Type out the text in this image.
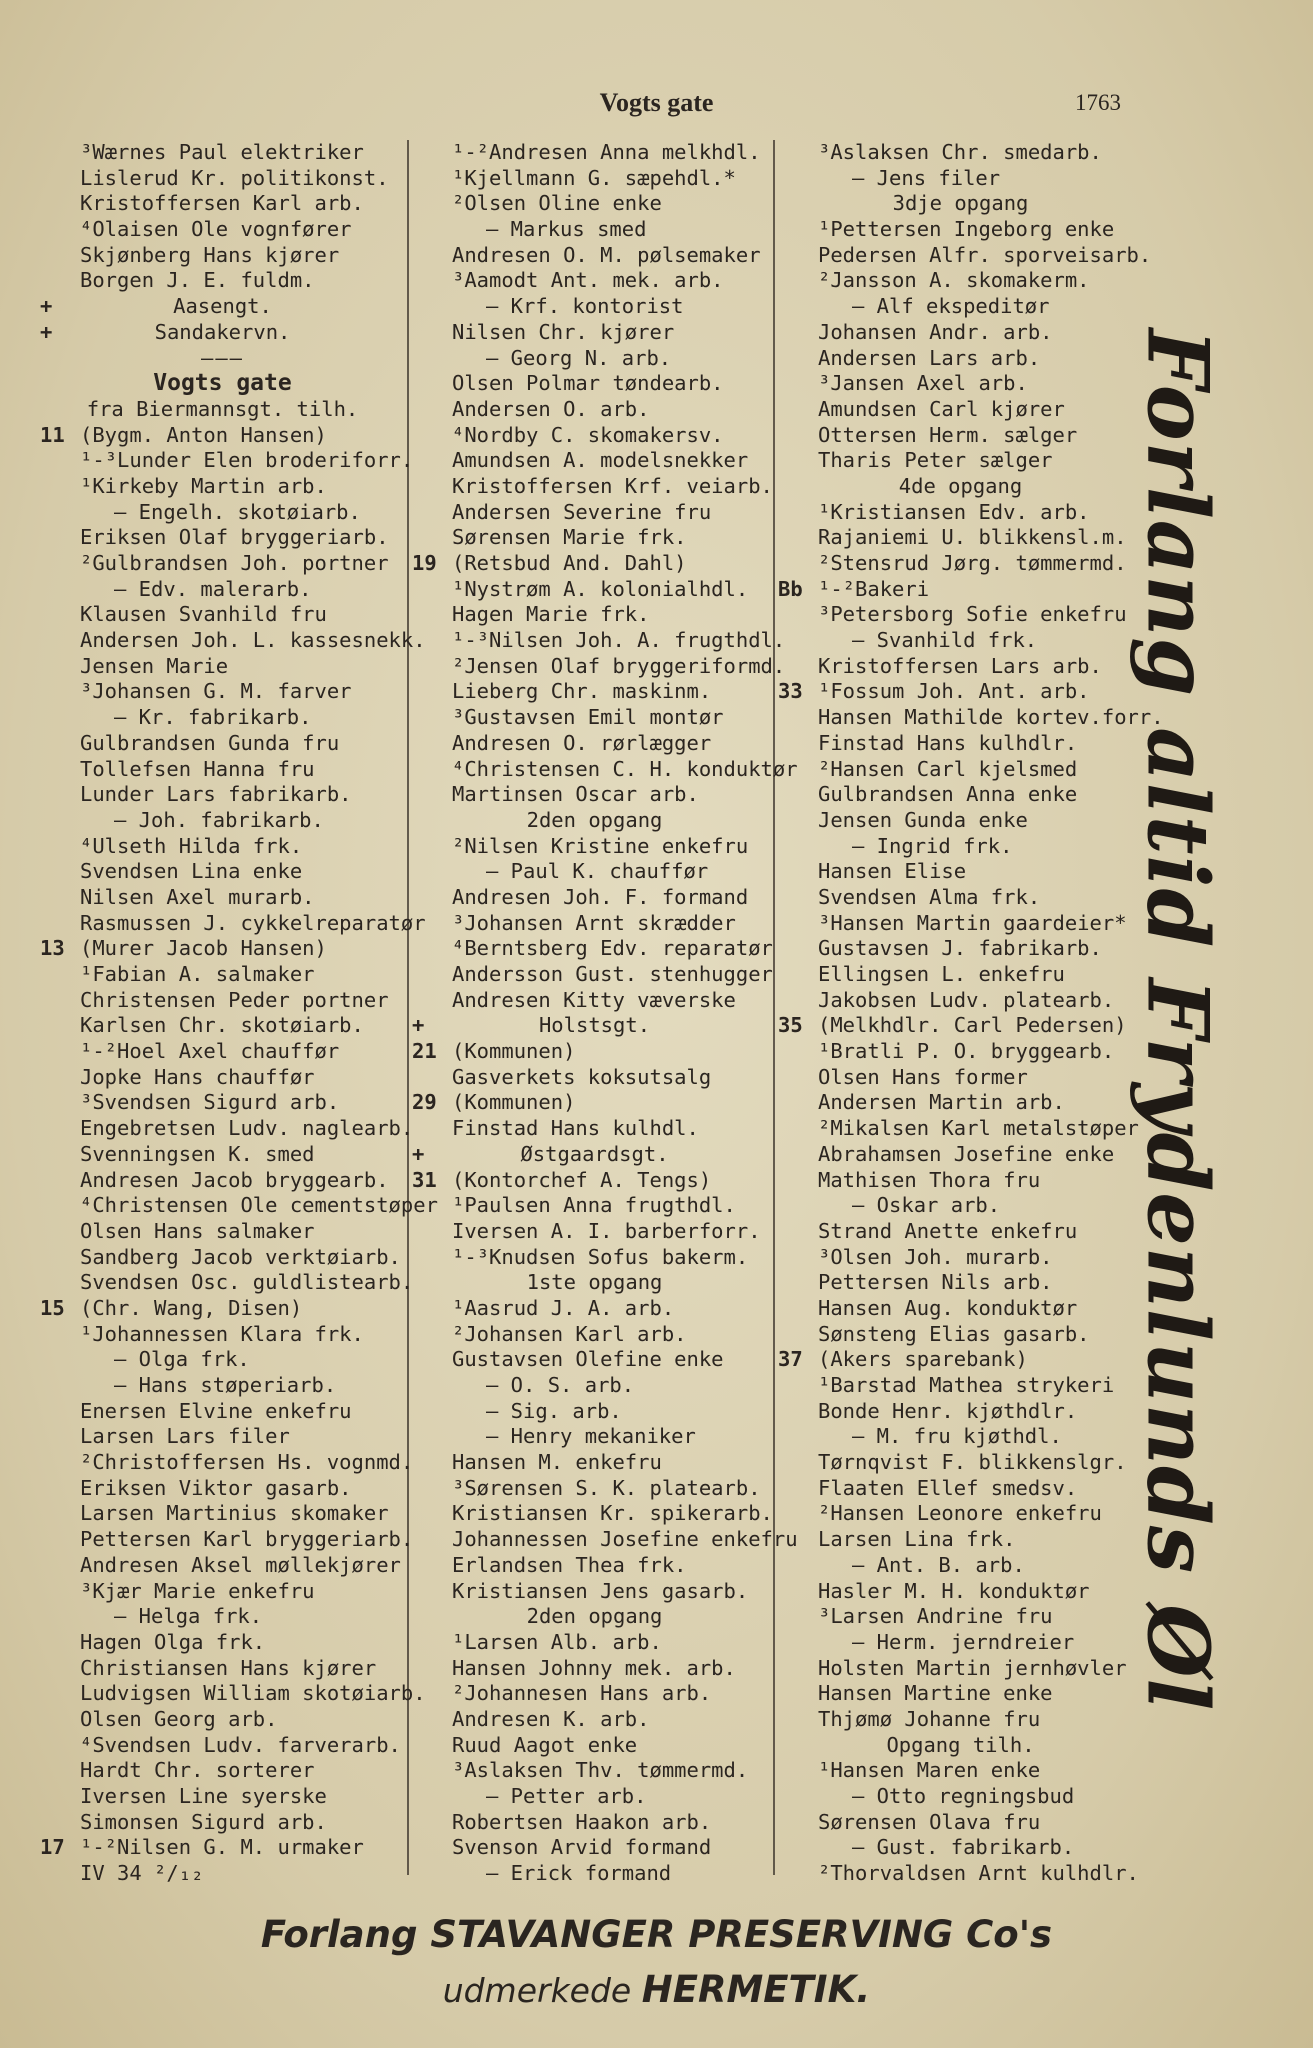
Vogts gate	1763
³Wærnes Paul elektriker
Lislerud Kr. politikonst.
Kristoffersen Karl arb.
⁴Olaisen Ole vognfører
Skjønberg Hans kjører
Borgen J. E. fuldm.
+	Aasengt.
+	Sandakervn.
———
Vogts gate
fra Biermannsgt. tilh.
11 (Bygm. Anton Hansen)
¹-³Lunder Elen broderiforr.
¹Kirkeby Martin arb.
— Engelh. skotøiarb.
Eriksen Olaf bryggeriarb.
²Gulbrandsen Joh. portner
— Edv. malerarb.
Klausen Svanhild fru
Andersen Joh. L. kassesnekk.
Jensen Marie
³Johansen G. M. farver
— Kr. fabrikarb.
Gulbrandsen Gunda fru
Tollefsen Hanna fru
Lunder Lars fabrikarb.
— Joh. fabrikarb.
⁴Ulseth Hilda frk.
Svendsen Lina enke
Nilsen Axel murarb.
Rasmussen J. cykkelreparatør
13 (Murer Jacob Hansen)
¹Fabian A. salmaker
Christensen Peder portner
Karlsen Chr. skotøiarb.
¹-²Hoel Axel chauffør
Jopke Hans chauffør
³Svendsen Sigurd arb.
Engebretsen Ludv. naglearb.
Svenningsen K. smed
Andresen Jacob bryggearb.
⁴Christensen Ole cementstøper
Olsen Hans salmaker
Sandberg Jacob verktøiarb.
Svendsen Osc. guldlistearb.
15 (Chr. Wang, Disen)
¹Johannessen Klara frk.
— Olga frk.
— Hans støperiarb.
Enersen Elvine enkefru
Larsen Lars filer
²Christoffersen Hs. vognmd.
Eriksen Viktor gasarb.
Larsen Martinius skomaker
Pettersen Karl bryggeriarb.
Andresen Aksel møllekjører
³Kjær Marie enkefru
— Helga frk.
Hagen Olga frk.
Christiansen Hans kjører
Ludvigsen William skotøiarb.
Olsen Georg arb.
⁴Svendsen Ludv. farverarb.
Hardt Chr. sorterer
Iversen Line syerske
Simonsen Sigurd arb.
17 ¹-²Nilsen G. M. urmaker
IV 34 ²/₁₂
¹-²Andresen Anna melkhdl.
¹Kjellmann G. sæpehdl.*
²Olsen Oline enke
— Markus smed
Andresen O. M. pølsemaker
³Aamodt Ant. mek. arb.
— Krf. kontorist
Nilsen Chr. kjører
— Georg N. arb.
Olsen Polmar tøndearb.
Andersen O. arb.
⁴Nordby C. skomakersv.
Amundsen A. modelsnekker
Kristoffersen Krf. veiarb.
Andersen Severine fru
Sørensen Marie frk.
19 (Retsbud And. Dahl)
¹Nystrøm A. kolonialhdl.
Hagen Marie frk.
¹-³Nilsen Joh. A. frugthdl.
²Jensen Olaf bryggeriformd.
Lieberg Chr. maskinm.
³Gustavsen Emil montør
Andresen O. rørlægger
⁴Christensen C. H. konduktør
Martinsen Oscar arb.
2den opgang
²Nilsen Kristine enkefru
— Paul K. chauffør
Andresen Joh. F. formand
³Johansen Arnt skrædder
⁴Berntsberg Edv. reparatør
Andersson Gust. stenhugger
Andresen Kitty væverske
+	Holstsgt.
21 (Kommunen)
Gasverkets koksutsalg
29 (Kommunen)
Finstad Hans kulhdl.
+	Østgaardsgt.
31 (Kontorchef A. Tengs)
¹Paulsen Anna frugthdl.
Iversen A. I. barberforr.
¹-³Knudsen Sofus bakerm.
1ste opgang
¹Aasrud J. A. arb.
²Johansen Karl arb.
Gustavsen Olefine enke
— O. S. arb.
— Sig. arb.
— Henry mekaniker
Hansen M. enkefru
³Sørensen S. K. platearb.
Kristiansen Kr. spikerarb.
Johannessen Josefine enkefru
Erlandsen Thea frk.
Kristiansen Jens gasarb.
2den opgang
¹Larsen Alb. arb.
Hansen Johnny mek. arb.
²Johannesen Hans arb.
Andresen K. arb.
Ruud Aagot enke
³Aslaksen Thv. tømmermd.
— Petter arb.
Robertsen Haakon arb.
Svenson Arvid formand
— Erick formand
³Aslaksen Chr. smedarb.
— Jens filer
3dje opgang
¹Pettersen Ingeborg enke
Pedersen Alfr. sporveisarb.
²Jansson A. skomakerm.
— Alf ekspeditør
Johansen Andr. arb.
Andersen Lars arb.
³Jansen Axel arb.
Amundsen Carl kjører
Ottersen Herm. sælger
Tharis Peter sælger
4de opgang
¹Kristiansen Edv. arb.
Rajaniemi U. blikkensl.m.
²Stensrud Jørg. tømmermd.
Bb ¹-²Bakeri
³Petersborg Sofie enkefru
— Svanhild frk.
Kristoffersen Lars arb.
33 ¹Fossum Joh. Ant. arb.
Hansen Mathilde kortev.forr.
Finstad Hans kulhdlr.
²Hansen Carl kjelsmed
Gulbrandsen Anna enke
Jensen Gunda enke
— Ingrid frk.
Hansen Elise
Svendsen Alma frk.
³Hansen Martin gaardeier*
Gustavsen J. fabrikarb.
Ellingsen L. enkefru
Jakobsen Ludv. platearb.
35 (Melkhdlr. Carl Pedersen)
¹Bratli P. O. bryggearb.
Olsen Hans former
Andersen Martin arb.
²Mikalsen Karl metalstøper
Abrahamsen Josefine enke
Mathisen Thora fru
— Oskar arb.
Strand Anette enkefru
³Olsen Joh. murarb.
Pettersen Nils arb.
Hansen Aug. konduktør
Sønsteng Elias gasarb.
37 (Akers sparebank)
¹Barstad Mathea strykeri
Bonde Henr. kjøthdlr.
— M. fru kjøthdl.
Tørnqvist F. blikkenslgr.
Flaaten Ellef smedsv.
²Hansen Leonore enkefru
Larsen Lina frk.
— Ant. B. arb.
Hasler M. H. konduktør
³Larsen Andrine fru
— Herm. jerndreier
Holsten Martin jernhøvler
Hansen Martine enke
Thjømø Johanne fru
Opgang tilh.
¹Hansen Maren enke
— Otto regningsbud
Sørensen Olava fru
— Gust. fabrikarb.
²Thorvaldsen Arnt kulhdlr.
Forlang altid Frydenlunds Øl
Forlang STAVANGER PRESERVING Co's
udmerkede HERMETIK.
